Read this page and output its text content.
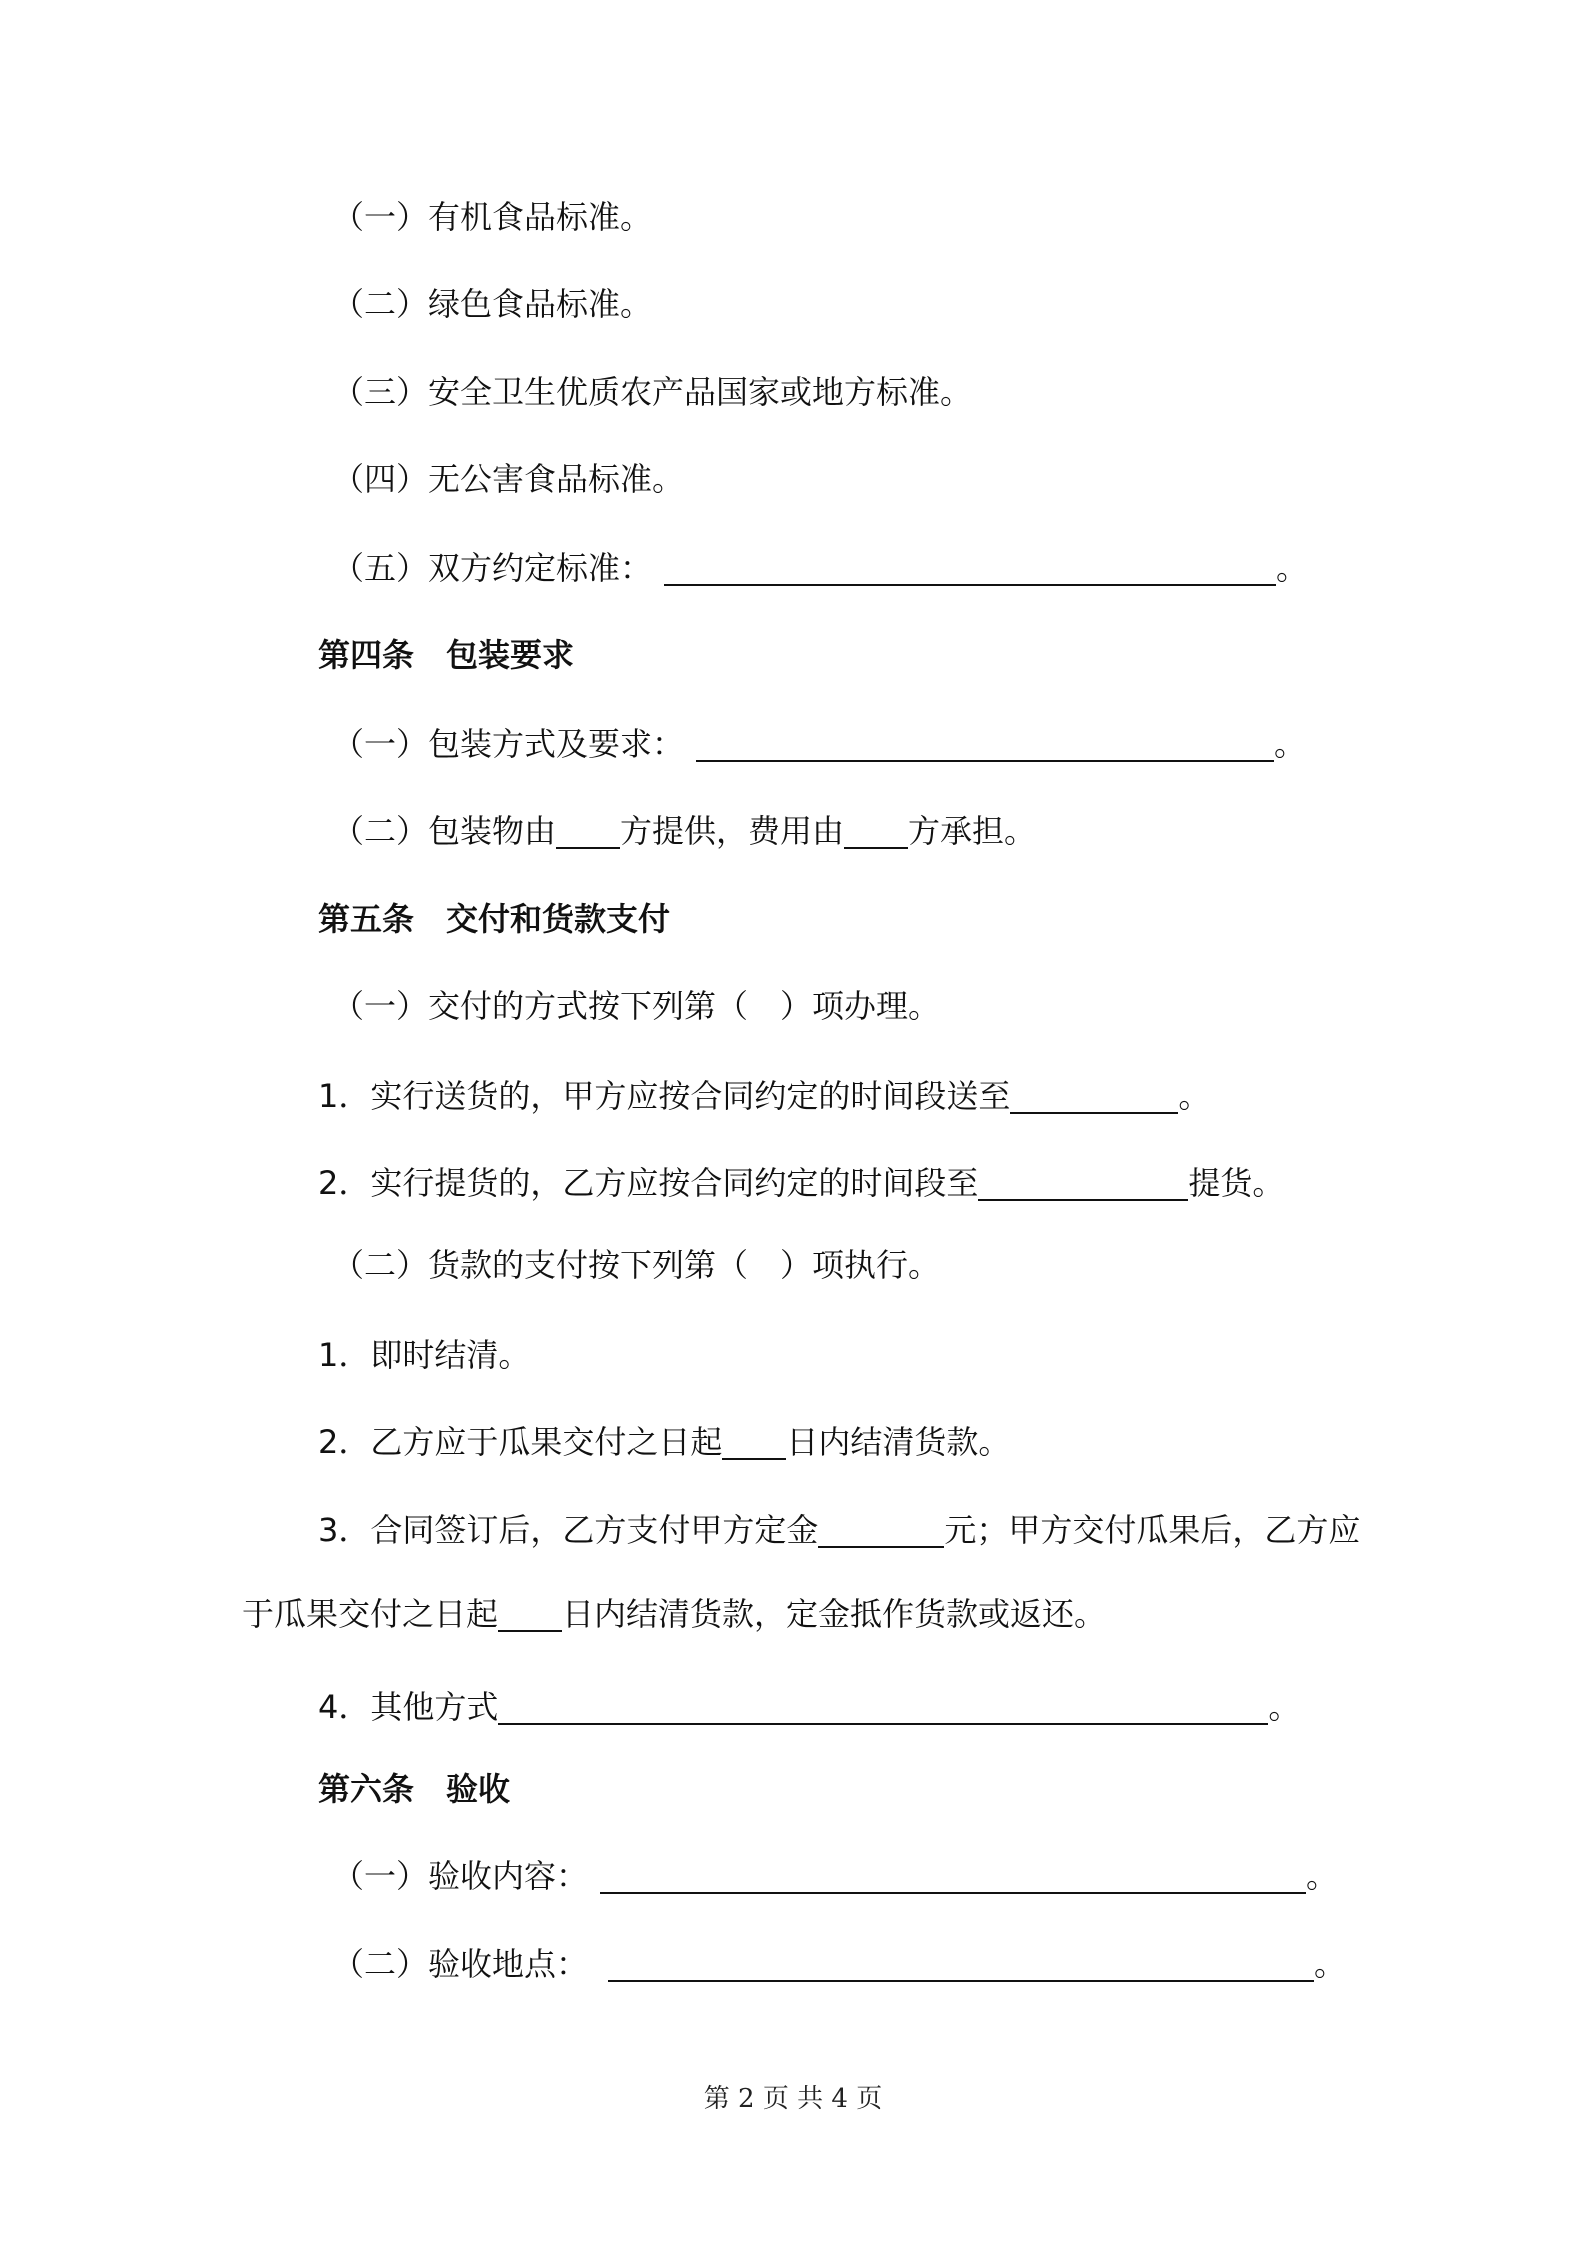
（一）有机食品标准。
（二）绿色食品标准。
（三）安全卫生优质农产品国家或地方标准。
（四）无公害食品标准。
（五）双方约定标准：	。
第四条 包装要求
（一）包装方式及要求：	。
（二）包装物由 方提供，费用由 方承担。
第五条 交付和货款支付
（一）交付的方式按下列第（　）项办理。
1．实行送货的，甲方应按合同约定的时间段送至	。
2．实行提货的，乙方应按合同约定的时间段至	提货。
（二）货款的支付按下列第（　）项执行。
1．即时结清。
2．乙方应于瓜果交付之日起 日内结清货款。
3．合同签订后，乙方支付甲方定金	元；甲方交付瓜果后，乙方应
于瓜果交付之日起 日内结清货款，定金抵作货款或返还。
4．其他方式	。
第六条 验收
（一）验收内容：	。
（二）验收地点：	。
第 2 页 共 4 页
